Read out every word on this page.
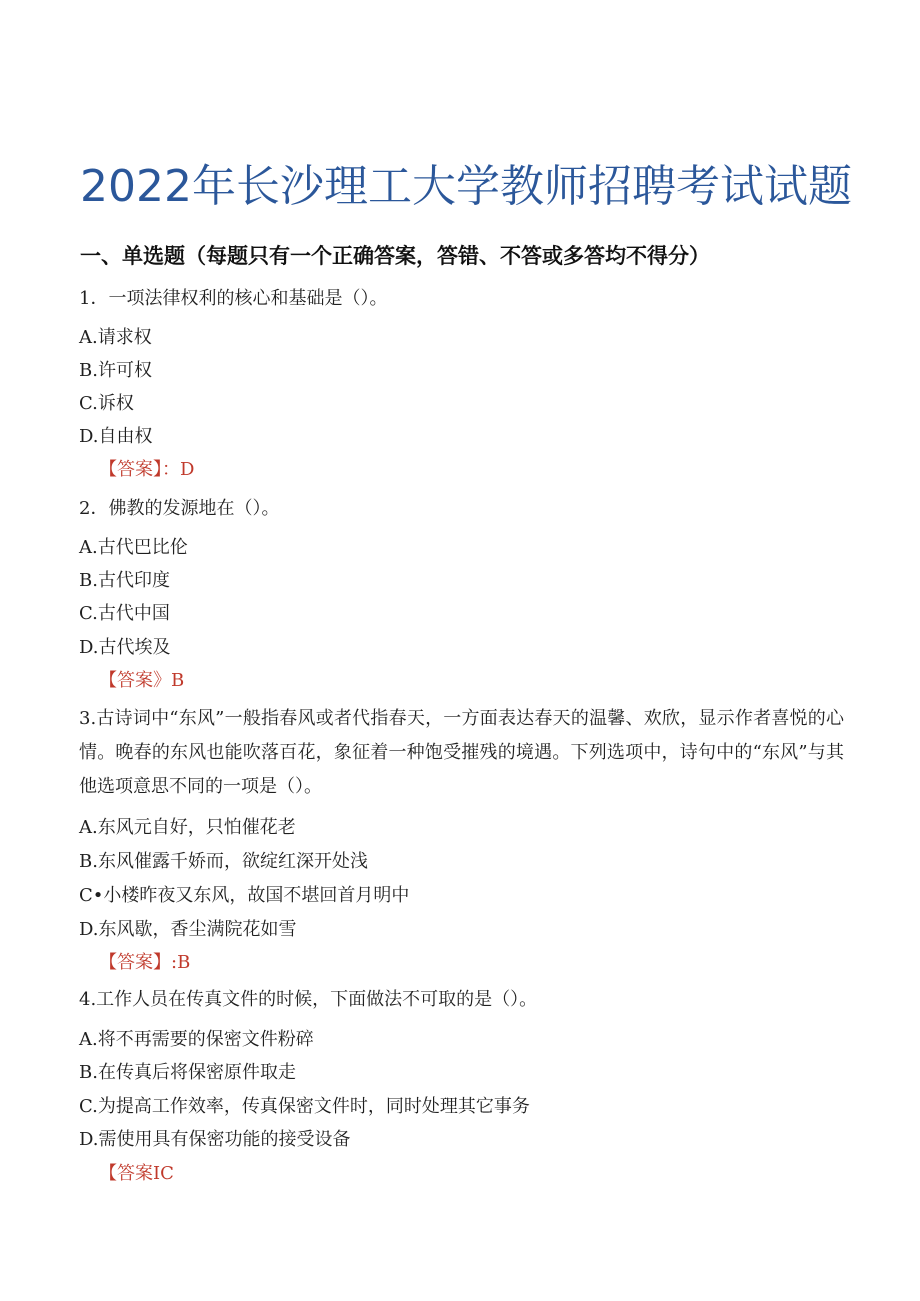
2022年长沙理工大学教师招聘考试试题
一、单选题（每题只有一个正确答案，答错、不答或多答均不得分）
1．一项法律权利的核心和基础是（）。
A.请求权
B.许可权
C.诉权
D.自由权
【答案】：D
2．佛教的发源地在（）。
A.古代巴比伦
B.古代印度
C.古代中国
D.古代埃及
【答案》B
3.古诗词中“东风”一般指春风或者代指春天，一方面表达春天的温馨、欢欣，显示作者喜悦的心情。晚春的东风也能吹落百花，象征着一种饱受摧残的境遇。下列选项中，诗句中的“东风”与其他选项意思不同的一项是（）。
A.东风元自好，只怕催花老
B.东风催露千娇而，欲绽红深开处浅
C•小楼昨夜又东风，故国不堪回首月明中
D.东风歇，香尘满院花如雪
【答案】:B
4.工作人员在传真文件的时候，下面做法不可取的是（）。
A.将不再需要的保密文件粉碎
B.在传真后将保密原件取走
C.为提高工作效率，传真保密文件时，同时处理其它事务
D.需使用具有保密功能的接受设备
【答案IC
